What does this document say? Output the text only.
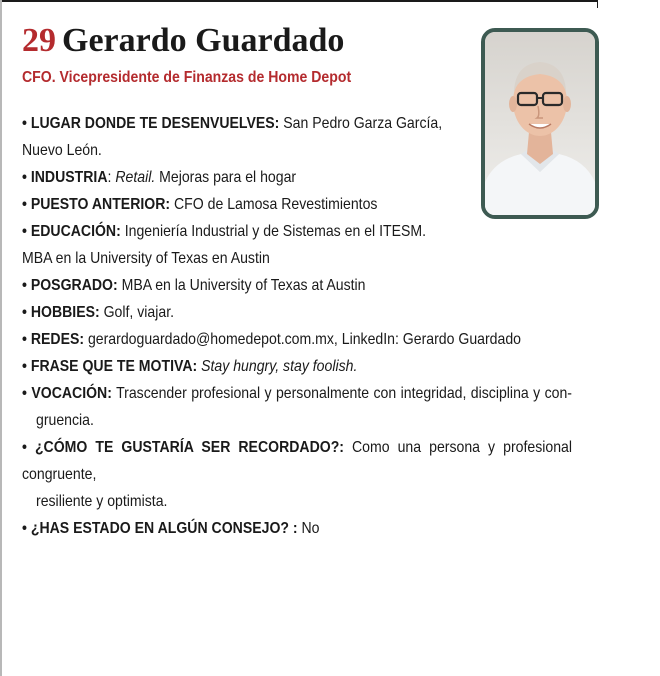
29 Gerardo Guardado

CFO. Vicepresidente de Finanzas de Home Depot

• LUGAR DONDE TE DESENVUELVES: San Pedro Garza García,
Nuevo León.
• INDUSTRIA: Retail. Mejoras para el hogar
• PUESTO ANTERIOR: CFO de Lamosa Revestimientos
• EDUCACIÓN: Ingeniería Industrial y de Sistemas en el ITESM.
MBA en la University of Texas en Austin
• POSGRADO: MBA en la University of Texas at Austin
• HOBBIES: Golf, viajar.
• REDES: gerardoguardado@homedepot.com.mx, LinkedIn: Gerardo Guardado
• FRASE QUE TE MOTIVA: Stay hungry, stay foolish.
• VOCACIÓN: Trascender profesional y personalmente con integridad, disciplina y con-
gruencia.
• ¿CÓMO TE GUSTARÍA SER RECORDADO?: Como una persona y profesional congruente,
resiliente y optimista.
• ¿HAS ESTADO EN ALGÚN CONSEJO? : No
